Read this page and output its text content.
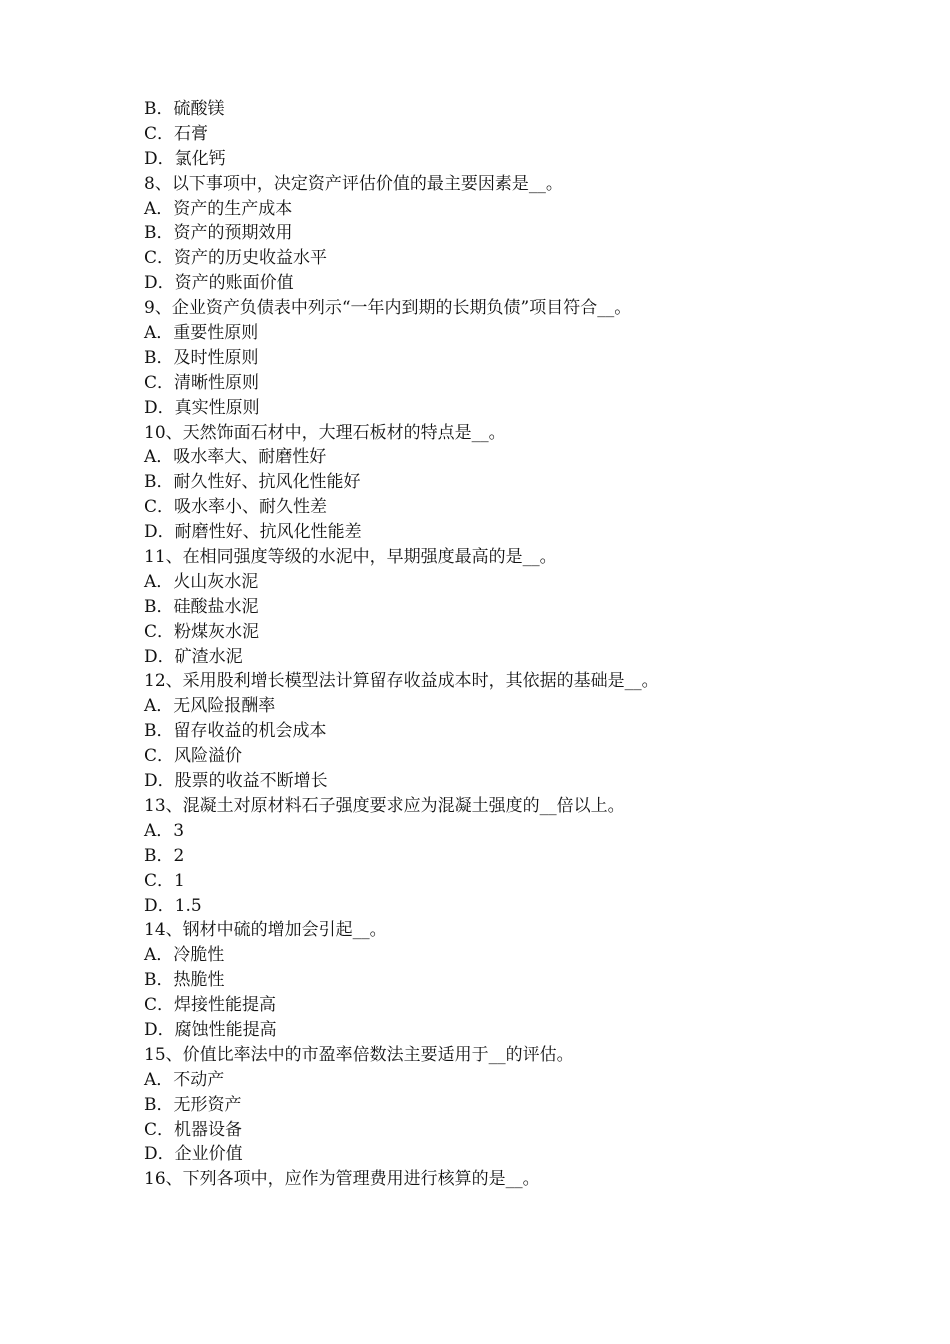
B．硫酸镁
C．石膏
D．氯化钙
8、以下事项中，决定资产评估价值的最主要因素是__。
A．资产的生产成本
B．资产的预期效用
C．资产的历史收益水平
D．资产的账面价值
9、企业资产负债表中列示“一年内到期的长期负债”项目符合__。
A．重要性原则
B．及时性原则
C．清晰性原则
D．真实性原则
10、天然饰面石材中，大理石板材的特点是__。
A．吸水率大、耐磨性好
B．耐久性好、抗风化性能好
C．吸水率小、耐久性差
D．耐磨性好、抗风化性能差
11、在相同强度等级的水泥中，早期强度最高的是__。
A．火山灰水泥
B．硅酸盐水泥
C．粉煤灰水泥
D．矿渣水泥
12、采用股利增长模型法计算留存收益成本时，其依据的基础是__。
A．无风险报酬率
B．留存收益的机会成本
C．风险溢价
D．股票的收益不断增长
13、混凝土对原材料石子强度要求应为混凝土强度的__倍以上。
A．3
B．2
C．1
D．1.5
14、钢材中硫的增加会引起__。
A．冷脆性
B．热脆性
C．焊接性能提高
D．腐蚀性能提高
15、价值比率法中的市盈率倍数法主要适用于__的评估。
A．不动产
B．无形资产
C．机器设备
D．企业价值
16、下列各项中，应作为管理费用进行核算的是__。
